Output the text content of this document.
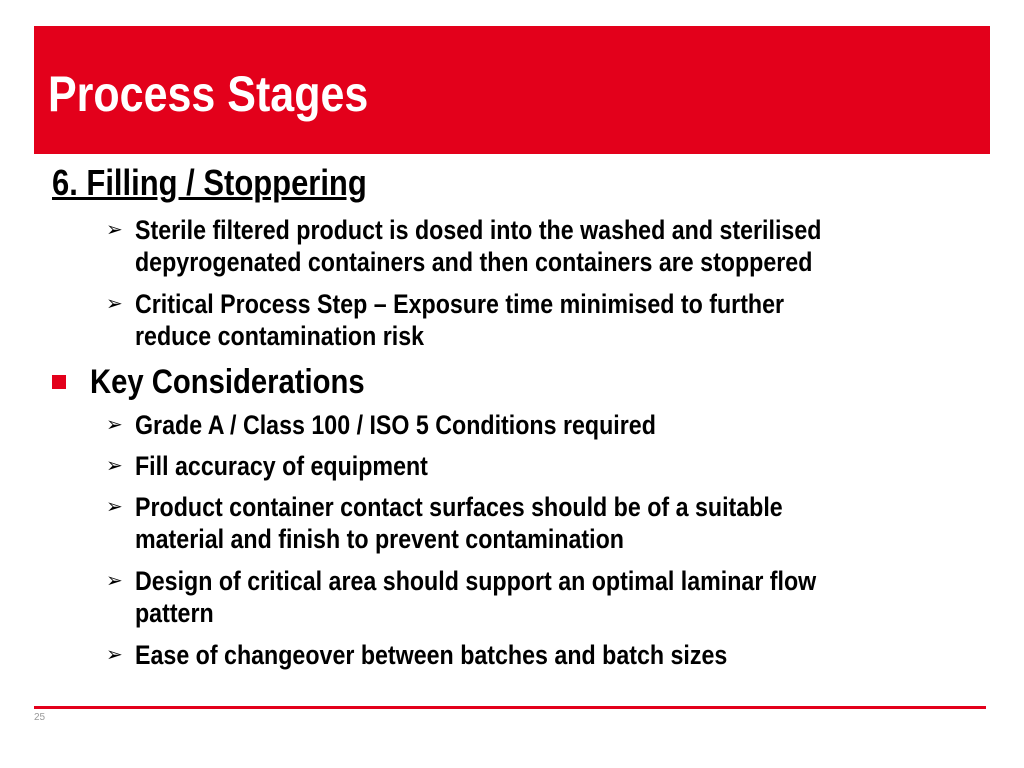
Process Stages
6. Filling / Stoppering
➢ Sterile filtered product is dosed into the washed and sterilised
depyrogenated containers and then containers are stoppered
➢ Critical Process Step – Exposure time minimised to further
reduce contamination risk
Key Considerations
➢ Grade A / Class 100 / ISO 5 Conditions required
➢ Fill accuracy of equipment
➢ Product container contact surfaces should be of a suitable
material and finish to prevent contamination
➢ Design of critical area should support an optimal laminar flow
pattern
➢ Ease of changeover between batches and batch sizes
25
